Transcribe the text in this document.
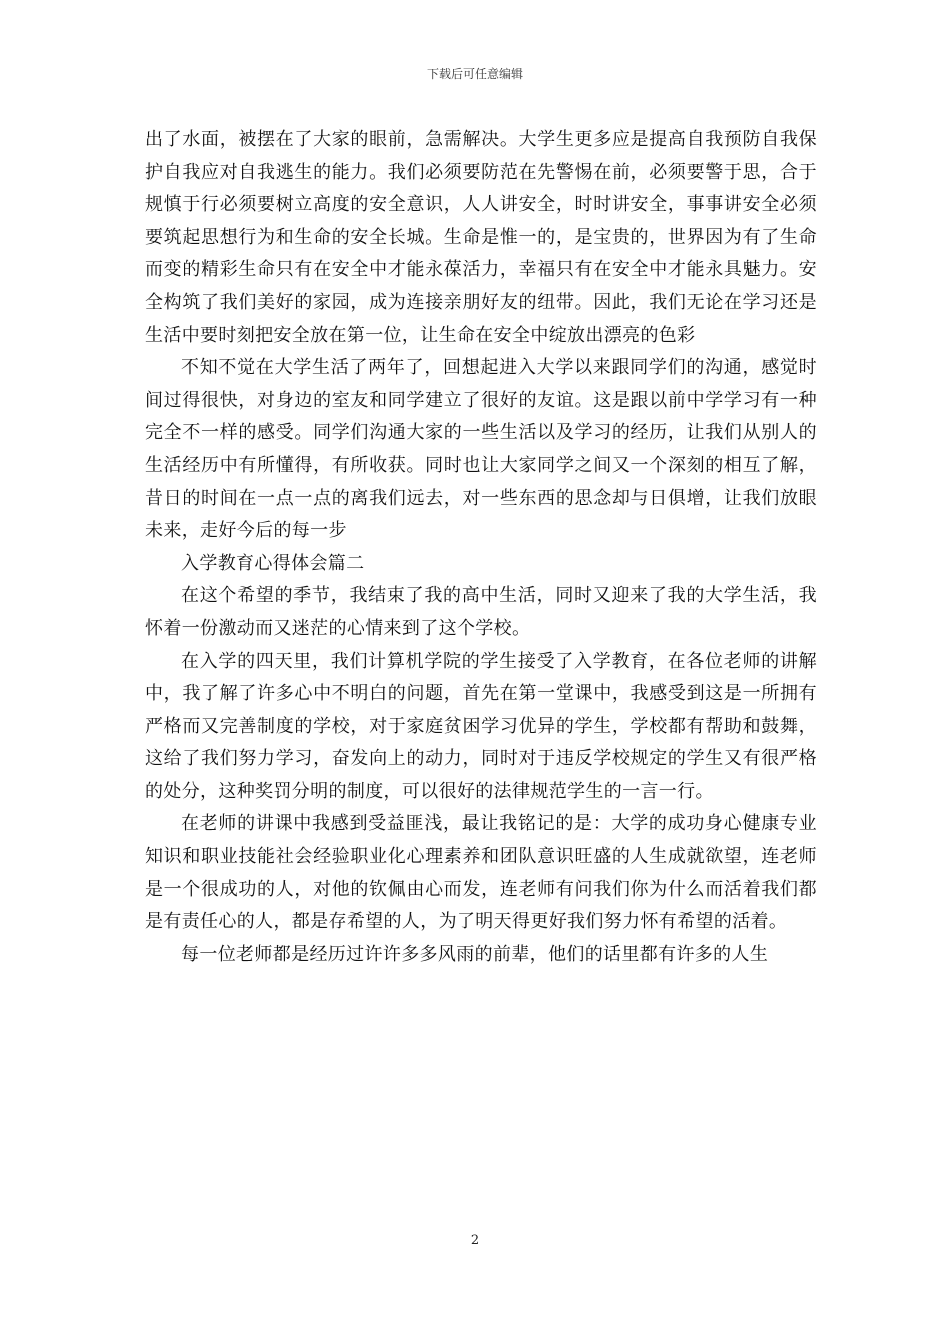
下载后可任意编辑

出了水面，被摆在了大家的眼前，急需解决。大学生更多应是提高自我预防自我保护自我应对自我逃生的能力。我们必须要防范在先警惕在前，必须要警于思，合于规慎于行必须要树立高度的安全意识，人人讲安全，时时讲安全，事事讲安全必须要筑起思想行为和生命的安全长城。生命是惟一的，是宝贵的，世界因为有了生命而变的精彩生命只有在安全中才能永葆活力，幸福只有在安全中才能永具魅力。安全构筑了我们美好的家园，成为连接亲朋好友的纽带。因此，我们无论在学习还是生活中要时刻把安全放在第一位，让生命在安全中绽放出漂亮的色彩

不知不觉在大学生活了两年了，回想起进入大学以来跟同学们的沟通，感觉时间过得很快，对身边的室友和同学建立了很好的友谊。这是跟以前中学学习有一种完全不一样的感受。同学们沟通大家的一些生活以及学习的经历，让我们从别人的生活经历中有所懂得，有所收获。同时也让大家同学之间又一个深刻的相互了解，昔日的时间在一点一点的离我们远去，对一些东西的思念却与日俱增，让我们放眼未来，走好今后的每一步

入学教育心得体会篇二

在这个希望的季节，我结束了我的高中生活，同时又迎来了我的大学生活，我怀着一份激动而又迷茫的心情来到了这个学校。

在入学的四天里，我们计算机学院的学生接受了入学教育，在各位老师的讲解中，我了解了许多心中不明白的问题，首先在第一堂课中，我感受到这是一所拥有严格而又完善制度的学校，对于家庭贫困学习优异的学生，学校都有帮助和鼓舞，这给了我们努力学习，奋发向上的动力，同时对于违反学校规定的学生又有很严格的处分，这种奖罚分明的制度，可以很好的法律规范学生的一言一行。

在老师的讲课中我感到受益匪浅，最让我铭记的是：大学的成功身心健康专业知识和职业技能社会经验职业化心理素养和团队意识旺盛的人生成就欲望，连老师是一个很成功的人，对他的钦佩由心而发，连老师有问我们你为什么而活着我们都是有责任心的人，都是存希望的人，为了明天得更好我们努力怀有希望的活着。

每一位老师都是经历过许许多多风雨的前辈，他们的话里都有许多的人生

2
